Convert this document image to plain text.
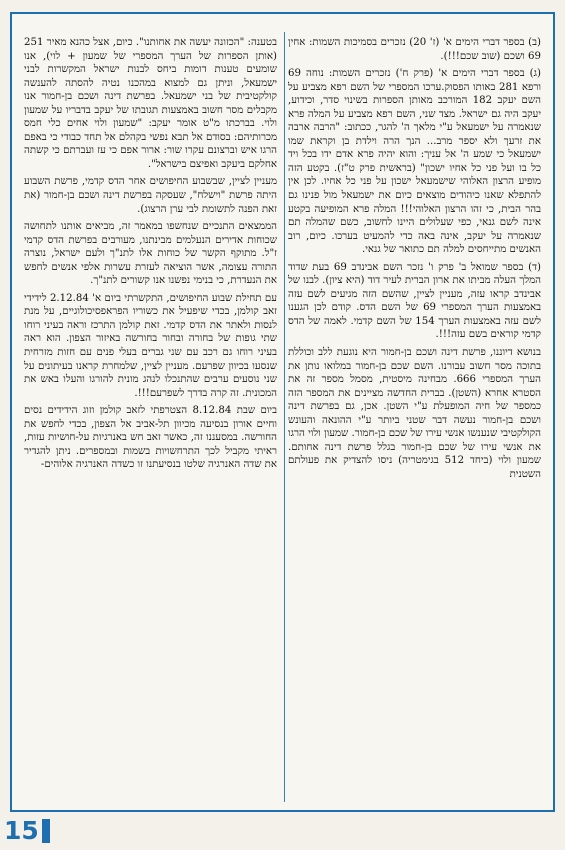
(ב) בספר דברי הימים א' (ז' 20) נזכרים בסמיכות השמות: אחין 69 ושכם (שוב שכם!!!).

(ג) בספר דברי הימים א' (פרק ח') נזכרים השמות: נוחה 69 ורפא 281 באותו הפסוק.ערכו המספרי של השם רפא מצביע על השם יעקב 182 המורכב מאותן הספרות בשינוי סדר, וכידוע, יעקב היה גם ישראל. מצד שני, השם רפא מצביע על המלה פרא שנאמרה על ישמעאל ע"י מלאך ה' להגר, ככתוב: "הרבה ארבה את זרעך ולא יספר מרב... הנך הרה וילדת בן וקראת שמו ישמעאל כי שמע ה' אל עניך: והוא יהיה פרא אדם ידו בכל ויד כל בו ועל פני כל אחיו ישכון" (בראשית פרק ט"ז). בקטע הזה מופיע הרצון האלוהי שישמעאל ישכון על פני כל אחיו. לכן אין להתפלא שאנו כיהודים מוצאים כיום את ישמעאל מול פנינו גם בהר הבית, כי זהו הרצון האלוהי!!! המלה פרא המופיעה בקטע אינה לשם גנאי, כפי שעלולים היינו לחשוב, כשם שהמלה תם שנאמרה על יעקב, אינה באה כדי להמעיט בערכו. כיום, רוב האנשים מתייחסים למלה תם כתואר של גנאי.

(ד) בספר שמואל ב' פרק ו' נזכר השם אבינדב 69 בעת שדוד המלך העלה מביתו את ארון הברית לעיר דוד (היא ציון). לבנו של אבינדב קראו עזה, מעניין לציין, שהשם הזה מגיעים לשם עזה באמצעות הערך המספרי 69 של השם הדס. קודם לכן הגענו לשם עזה באמצעות הערך 154 של השם קדמי. לאמה של הדס קדמי קוראים בשם עזה!!!.

בנושא דיוננו, פרשת דינה ושכם בן-חמור היא נוגעת ללב וכוללת בתוכה מסר חשוב עבורנו. השם שכם בן-חמור במלואו נותן את הערך המספרי 666. מבחינה מיסטית, מסמל מספר זה את הסטרא אחרא (השטן). בברית החדשה מציינים את המספר הזה כמספר של חיה המופעלת ע"י השטן. אכן, גם בפרשת דינה ושכם בן-חמור נעשה דבר שטני ביותר ע"י ההונאה והעונש הקולקטיבי שנענשו אנשי עירו של שכם בן-חמור. שמעון ולוי הרגו את אנשי עירו של שכם בן-חמור בגלל פרשת דינה אחותם. שמעון ולוי (ביחד 512 בגימטריה) ניסו להצדיק את פעולתם השטנית

בטענה: "הכזונה יעשה את אחותנו". כיום, אצל כהנא מאיר 251 (אותן הספרות של הערך המספרי של שמעון + לוי), אנו שומעים טענות דומות ביחס לבנות ישראל המקשרות לבני ישמעאל, וניתן גם למצוא במהכנו נטיה להסתה להענשה קולקטיבית של בני ישמעאל. בפרשת דינה ושכם בן-חמור אנו מקבלים מסר חשוב באמצעות תגובתו של יעקב בדבריו על שמעון ולוי. בברכתו מ"ט אומר יעקב: "שמעון ולוי אחים כלי חמס מכרותיהם: בסודם אל תבא נפשי בקהלם אל תחד כבודי כי באפם הרגו איש וברצונם עקרו שור: ארור אפם כי עז ועברתם כי קשתה אחלקם ביעקב ואפיצם בישראל".

מעניין לציין, שבשבוע החיפושים אחר הדס קדמי, פרשת השבוע היתה פרשת "וישלח", שעסקה בפרשת דינה ושכם בן-חמור (את זאת הפנה לתשומת לבי ערן הרצוג).

הממצאים התנכיים שנחשפו במאמר זה, מביאים אותנו לתחושה שכוחות אדירים הנעלמים מבינתנו, מעורבים בפרשת הדס קדמי ז"ל. מתוקף הקשר של כוחות אלו לתנ"ך ולעם ישראל, נוצרה התורה עצומה, אשר הוציאה לעזרת עשרות אלפי אנשים לחפש את הנעדרת, כי בנימי נפשנו אנו קשורים לתנ"ך.

עם תחילת שבוע החיפושים, התקשרתי ביום א' 2.12.84 לידידי זאב קולמן, בכדי שיפעיל את כשוריו הפראפסיכולוגיים, על מנת לנסות ולאתר את הדס קדמי. זאת קולמן התרכז וראה בעיני רוחו שתי גופות של בחורה ובחור בחורשה באיזור הצפון. הוא ראה בעיני רוחו גם רכב עם שני גברים בעלי פנים עם חזות מזרחית שנסעו בכיוון שפרעם. מעניין לציין, שלמחרת קראנו בעיתונים על שני נוסעים ערבים שהתנכלו לנהג מונית להורגו והעלו באש את המכונית. זה קרה בדרך לשפרעם!!!.

ביום שבת 8.12.84 הצטרפתי לזאב קולמן וזוג הידידים נסים וחיים אורון בנסיעה מכיוון תל-אביב אל הצפון, בכדי לחפש את החורשה. במסעננו זה, כאשר זאב חש באנרגיות על-חושיות עזות, ראיתי מקביל לכך התרחשויות בשמות ובמספרים. ניתן להגדיר את שדה האנרגיה שלטו בנסיעתנו זו כשדה האנרגיה אלוהים-

15
